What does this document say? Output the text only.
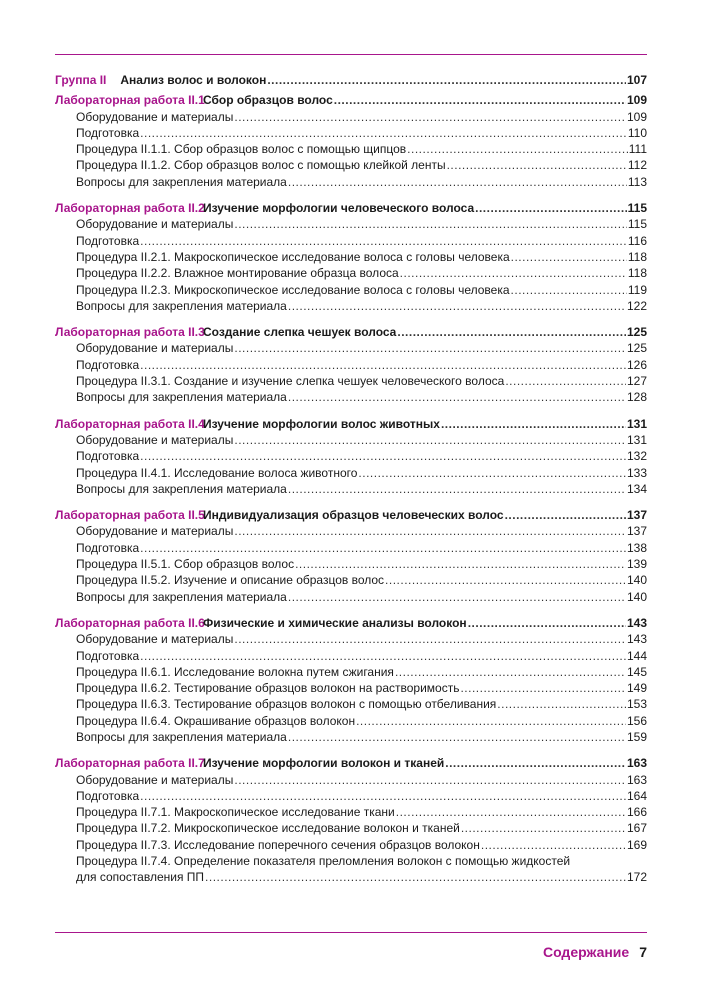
Группа II Анализ волос и волокон .....	107
Лабораторная работа II.1Сбор образцов волос .....	109
Оборудование и материалы .....	109
Подготовка .....	110
Процедура II.1.1. Сбор образцов волос с помощью щипцов .....	111
Процедура II.1.2. Сбор образцов волос с помощью клейкой ленты .....	112
Вопросы для закрепления материала .....	113
Лабораторная работа II.2Изучение морфологии человеческого волоса .....	115
Оборудование и материалы .....	115
Подготовка .....	116
Процедура II.2.1. Макроскопическое исследование волоса с головы человека .....	118
Процедура II.2.2. Влажное монтирование образца волоса .....	118
Процедура II.2.3. Микроскопическое исследование волоса с головы человека .....	119
Вопросы для закрепления материала .....	122
Лабораторная работа II.3Создание слепка чешуек волоса .....	125
Оборудование и материалы .....	125
Подготовка .....	126
Процедура II.3.1. Создание и изучение слепка чешуек человеческого волоса .....	127
Вопросы для закрепления материала .....	128
Лабораторная работа II.4Изучение морфологии волос животных .....	131
Оборудование и материалы .....	131
Подготовка .....	132
Процедура II.4.1. Исследование волоса животного .....	133
Вопросы для закрепления материала .....	134
Лабораторная работа II.5Индивидуализация образцов человеческих волос .....	137
Оборудование и материалы .....	137
Подготовка .....	138
Процедура II.5.1. Сбор образцов волос .....	139
Процедура II.5.2. Изучение и описание образцов волос .....	140
Вопросы для закрепления материала .....	140
Лабораторная работа II.6Физические и химические анализы волокон .....	143
Оборудование и материалы .....	143
Подготовка .....	144
Процедура II.6.1. Исследование волокна путем сжигания .....	145
Процедура II.6.2. Тестирование образцов волокон на растворимость .....	149
Процедура II.6.3. Тестирование образцов волокон с помощью отбеливания .....	153
Процедура II.6.4. Окрашивание образцов волокон .....	156
Вопросы для закрепления материала .....	159
Лабораторная работа II.7Изучение морфологии волокон и тканей .....	163
Оборудование и материалы .....	163
Подготовка .....	164
Процедура II.7.1. Макроскопическое исследование ткани .....	166
Процедура II.7.2. Микроскопическое исследование волокон и тканей .....	167
Процедура II.7.3. Исследование поперечного сечения образцов волокон .....	169
Процедура II.7.4. Определение показателя преломления волокон с помощью жидкостей
для сопоставления ПП .....	172
Содержание 7
